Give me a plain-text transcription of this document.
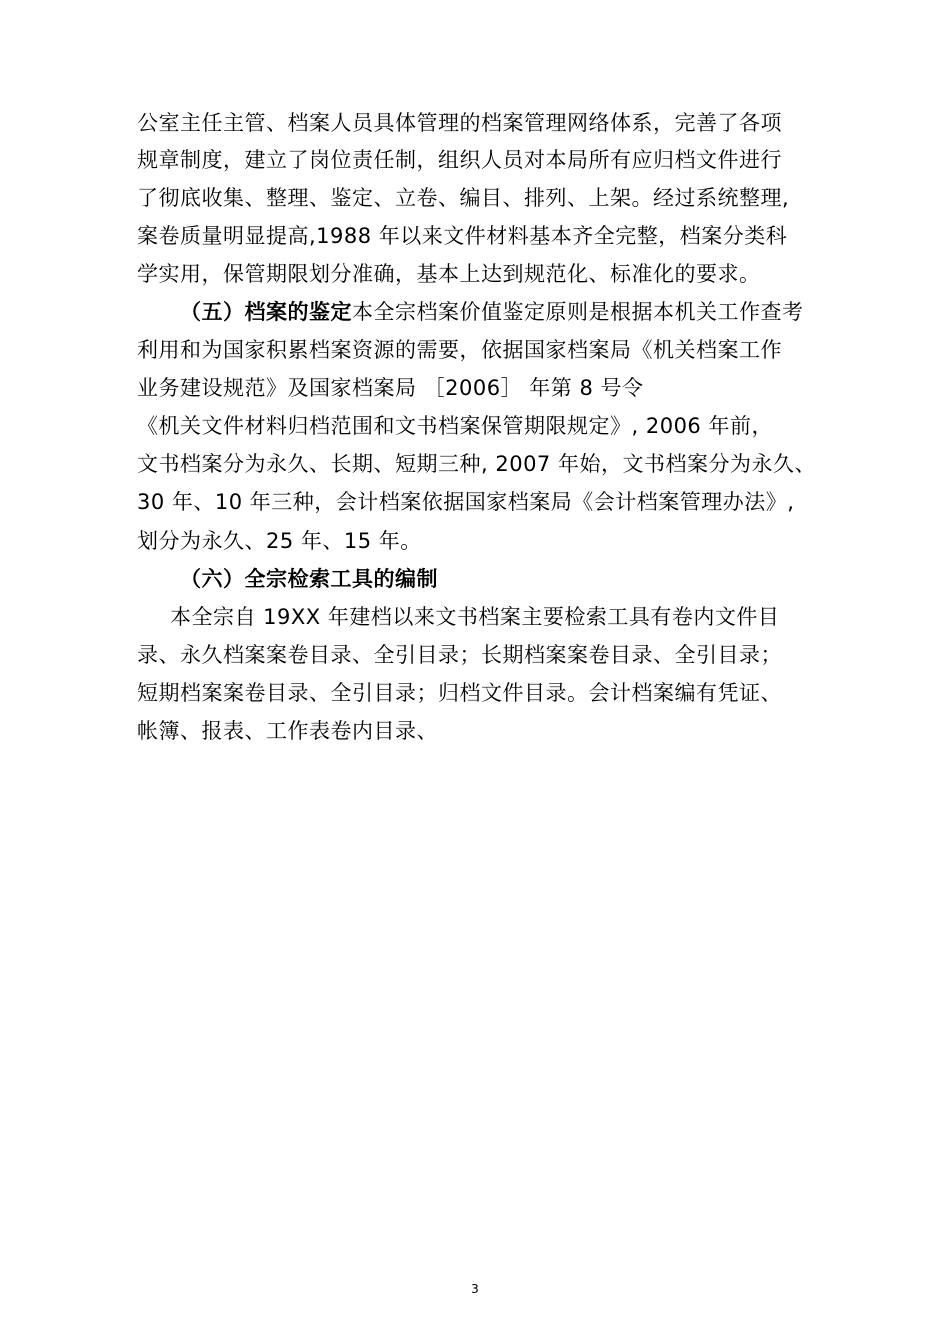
公室主任主管、档案人员具体管理的档案管理网络体系，完善了各项
规章制度，建立了岗位责任制，组织人员对本局所有应归档文件进行
了彻底收集、整理、鉴定、立卷、编目、排列、上架。经过系统整理,
案卷质量明显提高,1988 年以来文件材料基本齐全完整，档案分类科
学实用，保管期限划分准确，基本上达到规范化、标准化的要求。
（五）档案的鉴定本全宗档案价值鉴定原则是根据本机关工作查考
利用和为国家积累档案资源的需要，依据国家档案局《机关档案工作
业务建设规范》及国家档案局 ［2006］ 年第 8 号令
《机关文件材料归档范围和文书档案保管期限规定》, 2006 年前，
文书档案分为永久、长期、短期三种, 2007 年始，文书档案分为永久、
30 年、10 年三种，会计档案依据国家档案局《会计档案管理办法》,
划分为永久、25 年、15 年。
（六）全宗检索工具的编制
本全宗自 19XX 年建档以来文书档案主要检索工具有卷内文件目
录、永久档案案卷目录、全引目录；长期档案案卷目录、全引目录；
短期档案案卷目录、全引目录；归档文件目录。会计档案编有凭证、
帐簿、报表、工作表卷内目录、
3
